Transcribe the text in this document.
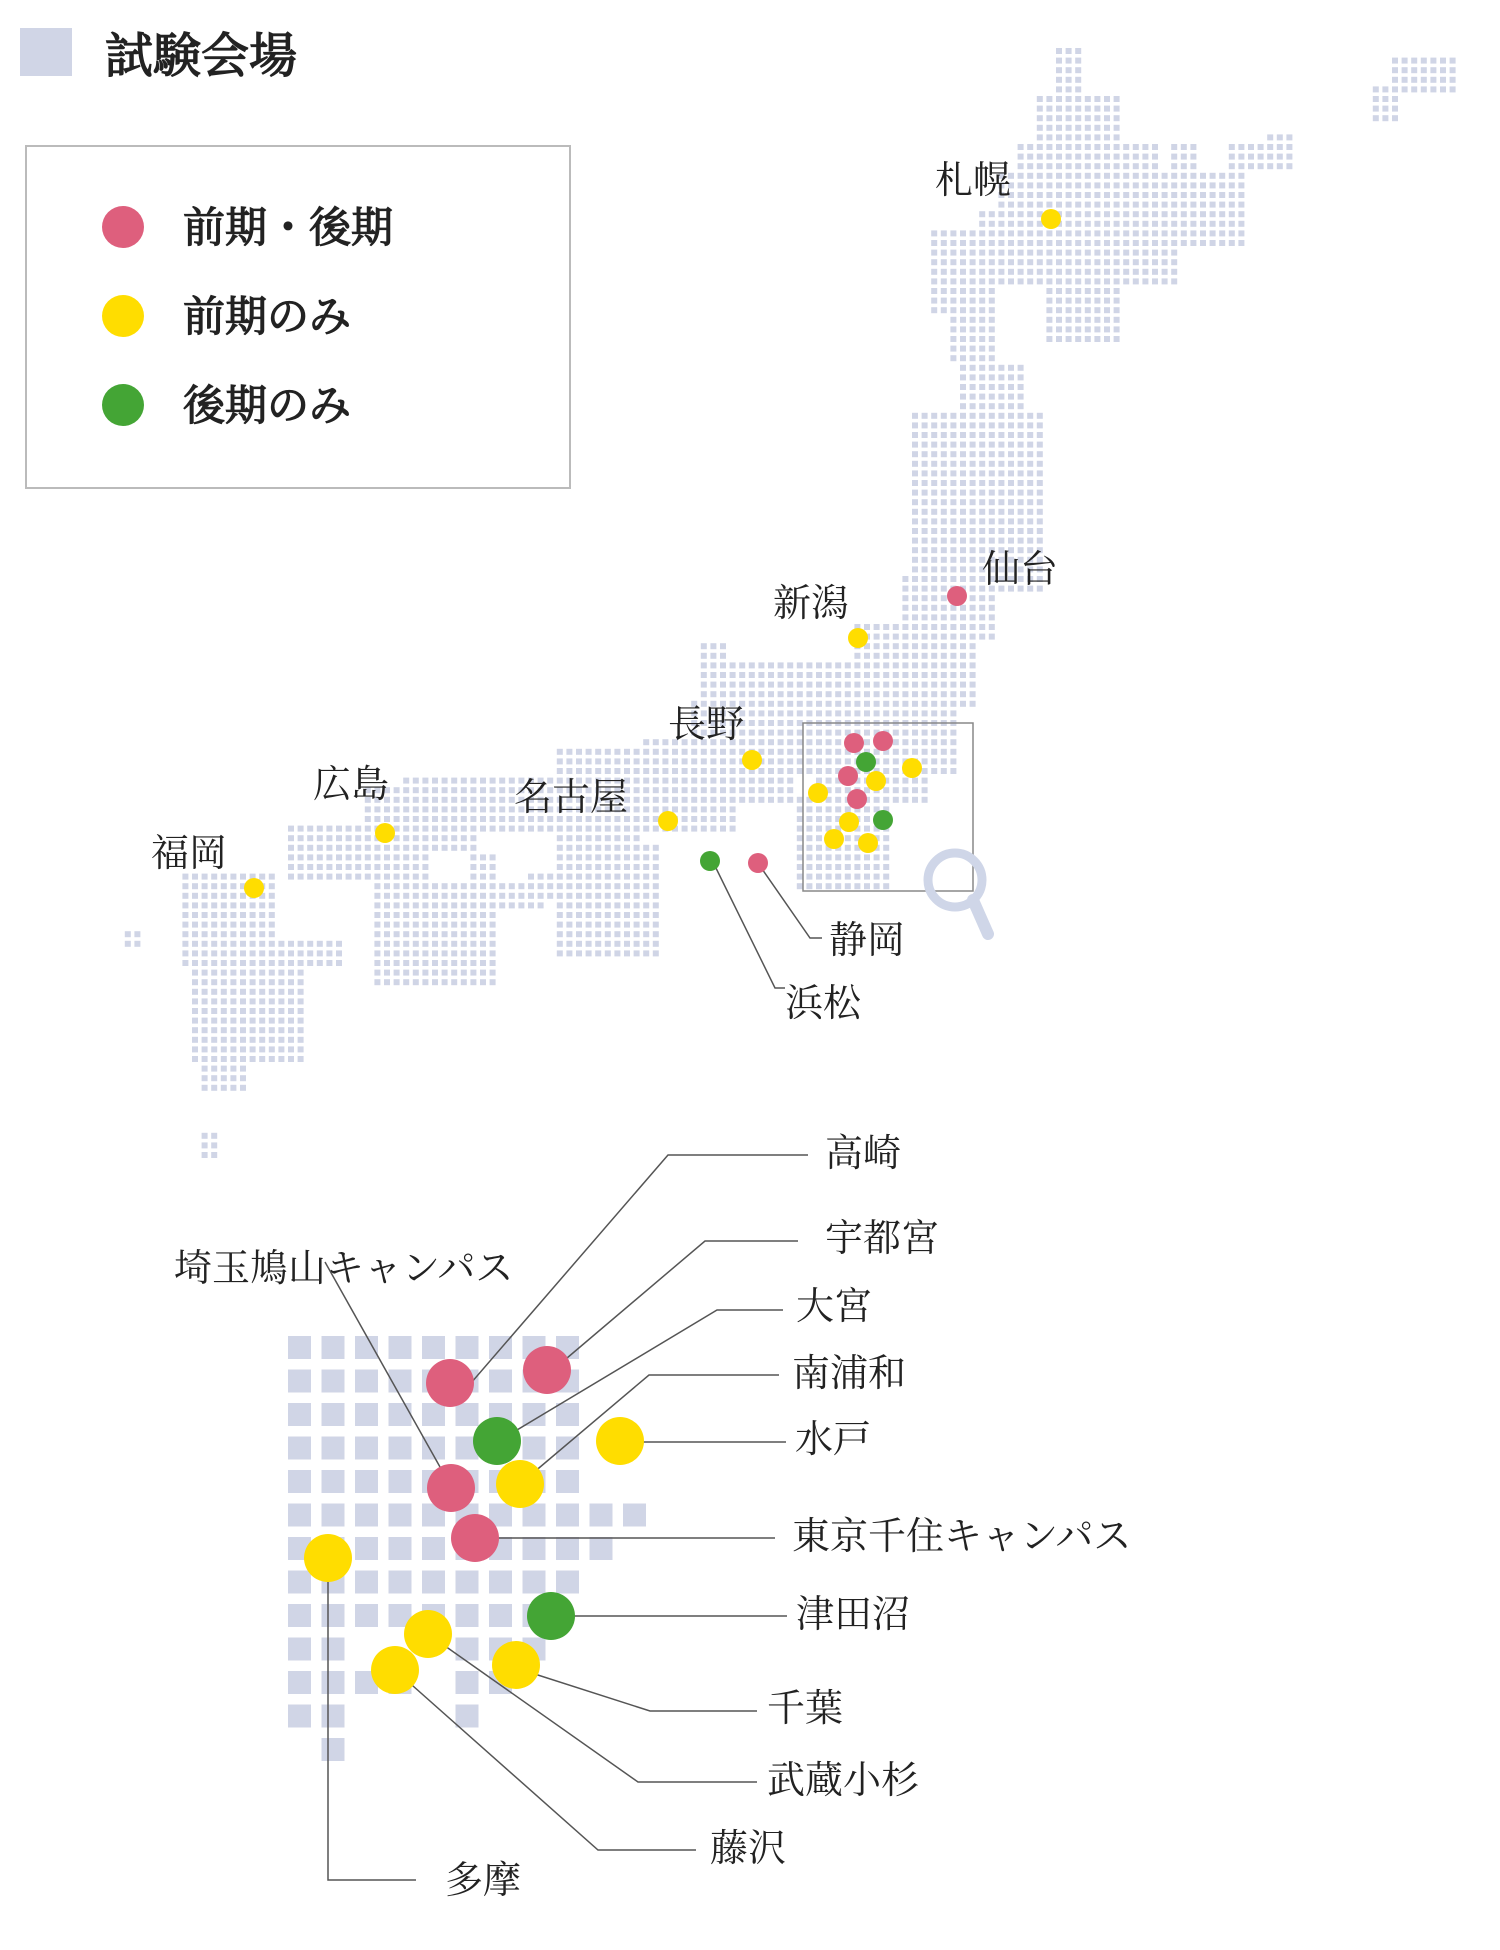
試験会場
前期・後期
前期のみ
後期のみ
札幌
仙台
新潟
長野
名古屋
広島
福岡
静岡
浜松
高崎
宇都宮
大宮
南浦和
水戸
埼玉鳩山キャンパス
東京千住キャンパス
津田沼
千葉
武蔵小杉
藤沢
多摩
